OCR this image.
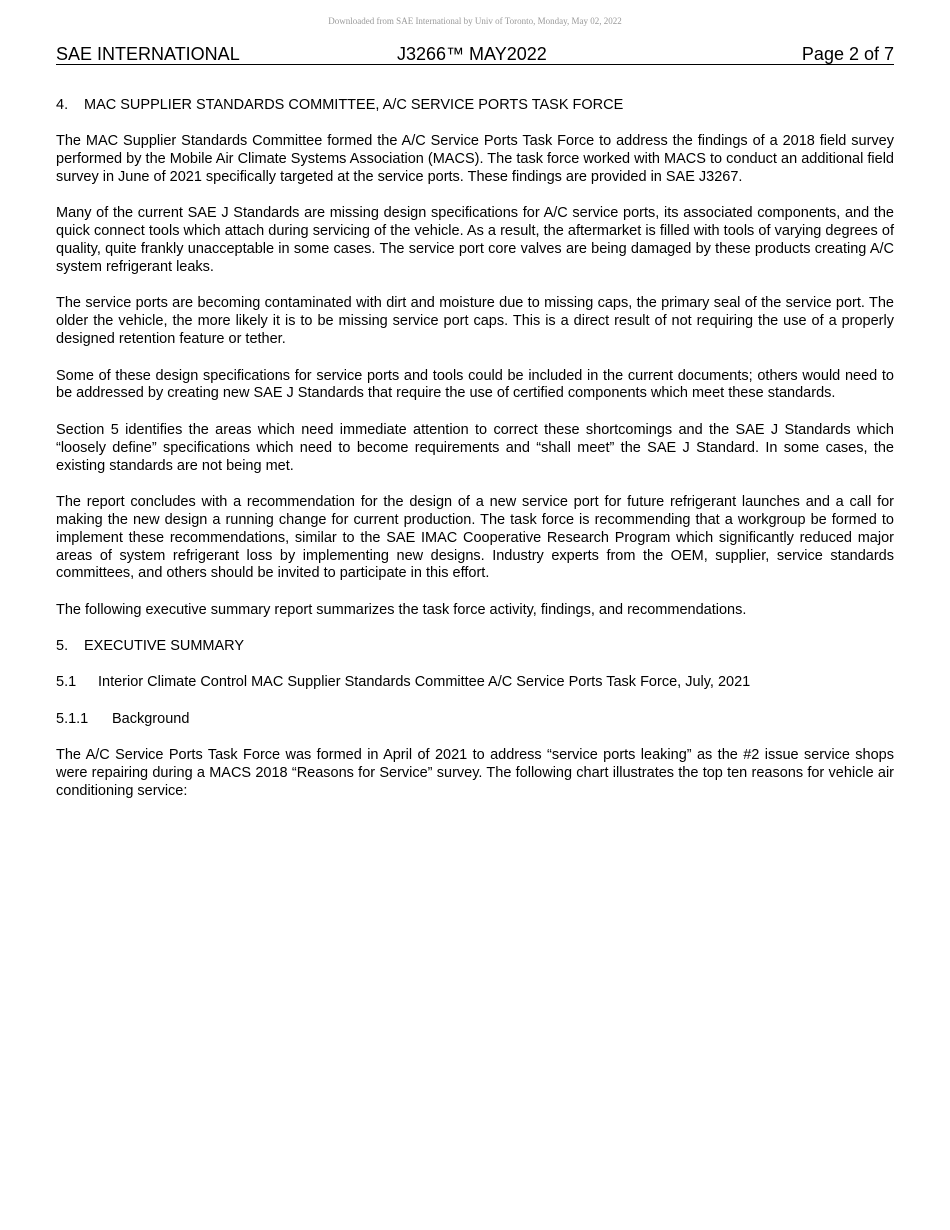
Downloaded from SAE International by Univ of Toronto, Monday, May 02, 2022
SAE INTERNATIONAL	J3266™ MAY2022	Page 2 of 7
4. MAC SUPPLIER STANDARDS COMMITTEE, A/C SERVICE PORTS TASK FORCE

The MAC Supplier Standards Committee formed the A/C Service Ports Task Force to address the findings of a 2018 field survey performed by the Mobile Air Climate Systems Association (MACS). The task force worked with MACS to conduct an additional field survey in June of 2021 specifically targeted at the service ports. These findings are provided in SAE J3267.

Many of the current SAE J Standards are missing design specifications for A/C service ports, its associated components, and the quick connect tools which attach during servicing of the vehicle. As a result, the aftermarket is filled with tools of varying degrees of quality, quite frankly unacceptable in some cases. The service port core valves are being damaged by these products creating A/C system refrigerant leaks.

The service ports are becoming contaminated with dirt and moisture due to missing caps, the primary seal of the service port. The older the vehicle, the more likely it is to be missing service port caps. This is a direct result of not requiring the use of a properly designed retention feature or tether.

Some of these design specifications for service ports and tools could be included in the current documents; others would need to be addressed by creating new SAE J Standards that require the use of certified components which meet these standards.

Section 5 identifies the areas which need immediate attention to correct these shortcomings and the SAE J Standards which “loosely define” specifications which need to become requirements and “shall meet” the SAE J Standard. In some cases, the existing standards are not being met.

The report concludes with a recommendation for the design of a new service port for future refrigerant launches and a call for making the new design a running change for current production. The task force is recommending that a workgroup be formed to implement these recommendations, similar to the SAE IMAC Cooperative Research Program which significantly reduced major areas of system refrigerant loss by implementing new designs. Industry experts from the OEM, supplier, service standards committees, and others should be invited to participate in this effort.

The following executive summary report summarizes the task force activity, findings, and recommendations.

5. EXECUTIVE SUMMARY
5.1 Interior Climate Control MAC Supplier Standards Committee A/C Service Ports Task Force, July, 2021
5.1.1 Background

The A/C Service Ports Task Force was formed in April of 2021 to address “service ports leaking” as the #2 issue service shops were repairing during a MACS 2018 “Reasons for Service” survey. The following chart illustrates the top ten reasons for vehicle air conditioning service:
